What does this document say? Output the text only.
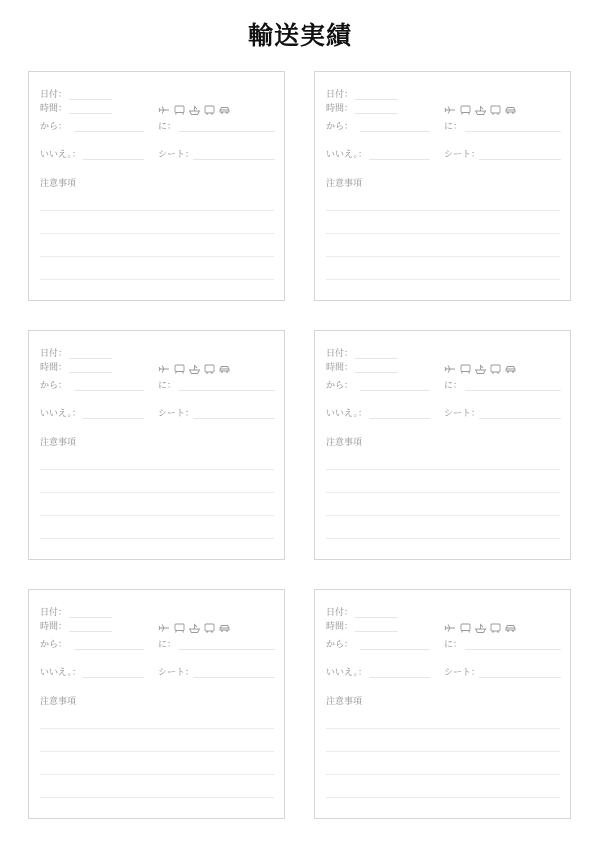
輸送実績
日付：
時間：
から：	に：
いいえ。：	シート：
注意事項
日付：
時間：
から：	に：
いいえ。：	シート：
注意事項
日付：
時間：
から：	に：
いいえ。：	シート：
注意事項
日付：
時間：
から：	に：
いいえ。：	シート：
注意事項
日付：
時間：
から：	に：
いいえ。：	シート：
注意事項
日付：
時間：
から：	に：
いいえ。：	シート：
注意事項
